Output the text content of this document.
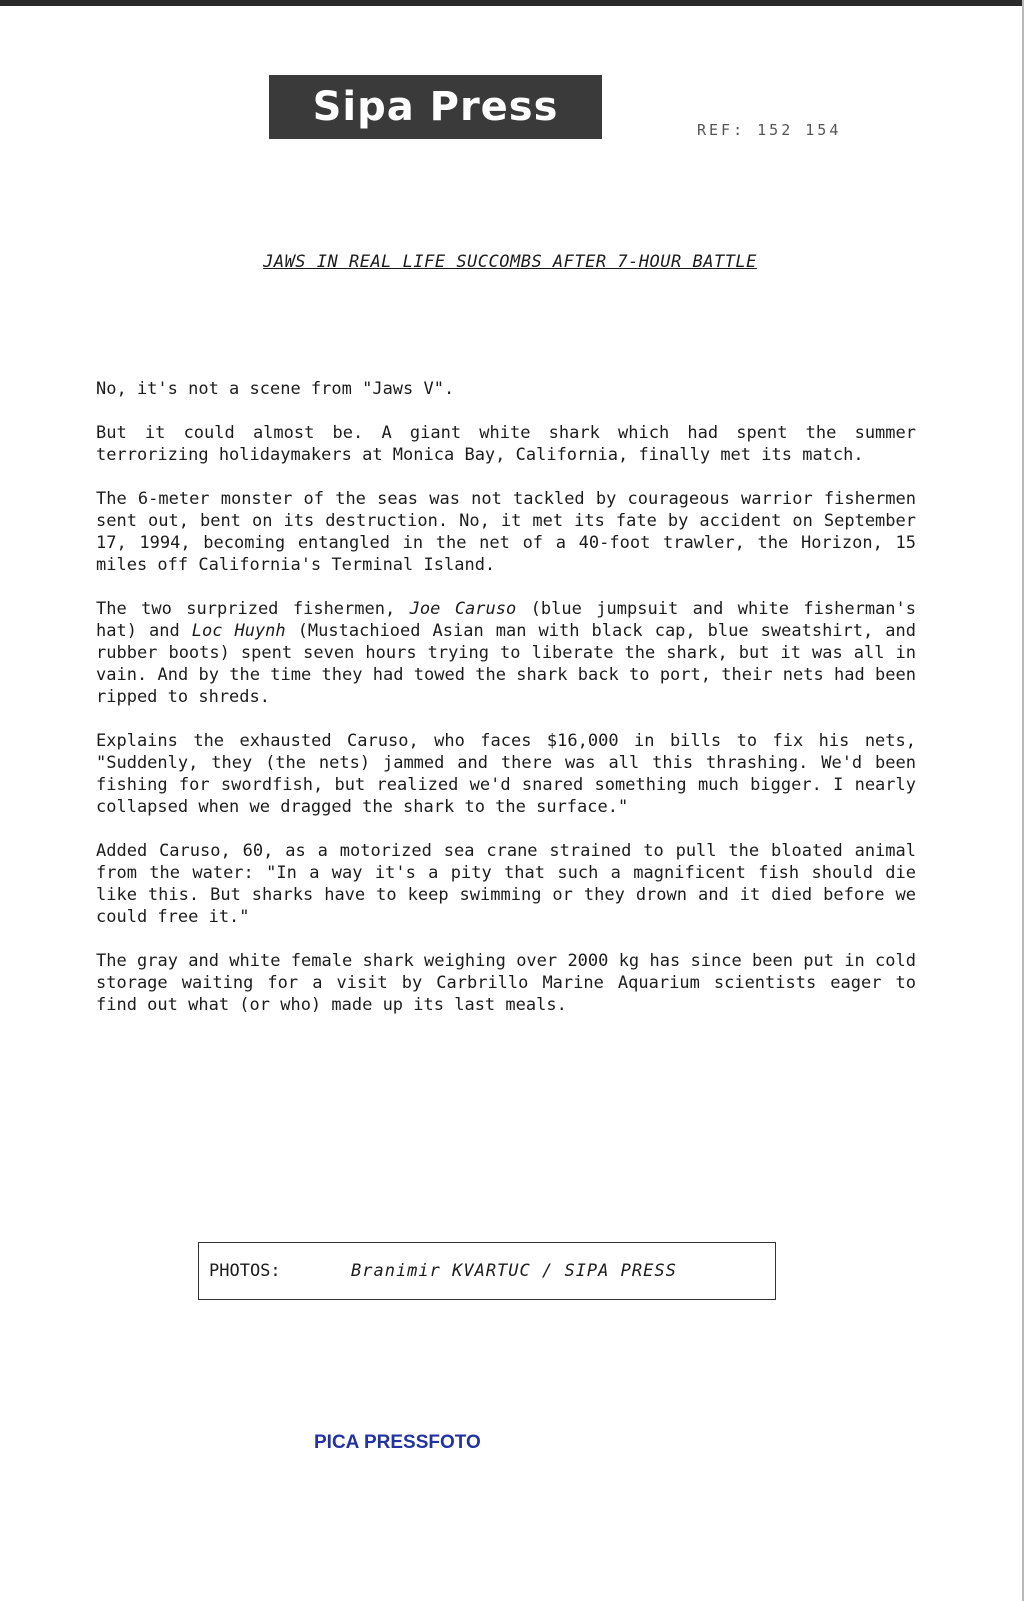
Sipa Press	REF: 152 154
JAWS IN REAL LIFE SUCCOMBS AFTER 7-HOUR BATTLE

No, it's not a scene from "Jaws V".

But it could almost be. A giant white shark which had spent the summer terrorizing holidaymakers at Monica Bay, California, finally met its match.

The 6-meter monster of the seas was not tackled by courageous warrior fishermen sent out, bent on its destruction. No, it met its fate by accident on September 17, 1994, becoming entangled in the net of a 40-foot trawler, the Horizon, 15 miles off California's Terminal Island.

The two surprized fishermen, Joe Caruso (blue jumpsuit and white fisherman's hat) and Loc Huynh (Mustachioed Asian man with black cap, blue sweatshirt, and rubber boots) spent seven hours trying to liberate the shark, but it was all in vain. And by the time they had towed the shark back to port, their nets had been ripped to shreds.

Explains the exhausted Caruso, who faces $16,000 in bills to fix his nets, "Suddenly, they (the nets) jammed and there was all this thrashing. We'd been fishing for swordfish, but realized we'd snared something much bigger. I nearly collapsed when we dragged the shark to the surface."

Added Caruso, 60, as a motorized sea crane strained to pull the bloated animal from the water: "In a way it's a pity that such a magnificent fish should die like this. But sharks have to keep swimming or they drown and it died before we could free it."

The gray and white female shark weighing over 2000 kg has since been put in cold storage waiting for a visit by Carbrillo Marine Aquarium scientists eager to find out what (or who) made up its last meals.

PHOTOS:	Branimir KVARTUC / SIPA PRESS
PICA PRESSFOTO
